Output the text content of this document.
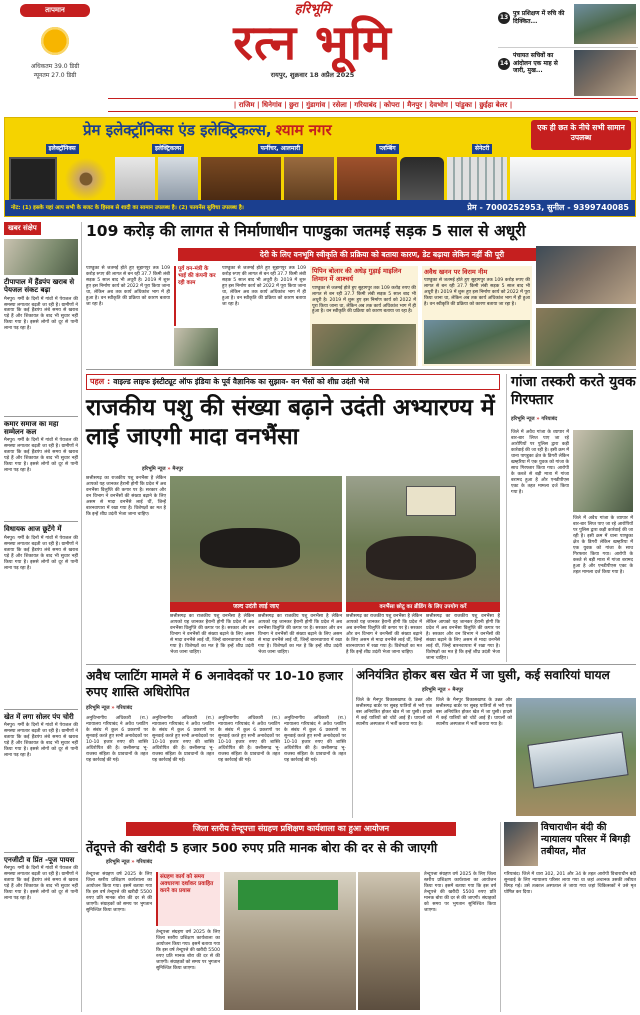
तापमान
अधिकतम 39.0 डिग्री
न्यूनतम 27.0 डिग्री
हरिभूमि
रत्न भूमि
रायपुर, शुक्रवार 18 अप्रैल 2025
13
पुत्र प्रशिक्षण में रुचि की दिक्कित...
14
पंचायत सचिवों का आंदोलन एक माह से जारी, मुख...
| राजिम | धिनेगांव | छुरा | गुंडागांव | रसेला | गरियाबंद | कोपरा | मैनपुर | देवभोग | पांडुका | छुईहा बेलर |
प्रेम इलेक्ट्रॉनिक्स एंड इलेक्ट्रिकल्स, श्याम नगर	एक ही छत के नीचे सभी सामान उपलब्ध
इलेक्ट्रॉनिक्स	इलेक्ट्रिकल्स	फर्नीचर, आलमारी	प्लम्बिंग	सेनेटरी
नोट: (1) इसके यहां आप सभी के बजट के हिसाब से शादी का सामान उपलब्ध है। (2) फायनेंस सुविधा उपलब्ध है।	प्रेम - 7000252953, सुनील - 9399740085
खबर संक्षेप
टीपापाल में हैंडपंप खराब से पेयजल संकट बढ़ा
मैनपुर। गर्मी के दिनों में गांवों में पेयजल की समस्या लगातार बढ़ती जा रही है। ग्रामीणों ने बताया कि कई हैंडपंप लंबे समय से खराब पड़े हैं और शिकायत के बाद भी सुधार नहीं किया गया है। इससे लोगों को दूर से पानी लाना पड़ रहा है।
कमार समाज का महा सम्मेलन कल
मैनपुर। गर्मी के दिनों में गांवों में पेयजल की समस्या लगातार बढ़ती जा रही है। ग्रामीणों ने बताया कि कई हैंडपंप लंबे समय से खराब पड़े हैं और शिकायत के बाद भी सुधार नहीं किया गया है। इससे लोगों को दूर से पानी लाना पड़ रहा है।
विधायक आज छूटेंगे में
मैनपुर। गर्मी के दिनों में गांवों में पेयजल की समस्या लगातार बढ़ती जा रही है। ग्रामीणों ने बताया कि कई हैंडपंप लंबे समय से खराब पड़े हैं और शिकायत के बाद भी सुधार नहीं किया गया है। इससे लोगों को दूर से पानी लाना पड़ रहा है।
खेत में लगा सोलर पंप चोरी
मैनपुर। गर्मी के दिनों में गांवों में पेयजल की समस्या लगातार बढ़ती जा रही है। ग्रामीणों ने बताया कि कई हैंडपंप लंबे समय से खराब पड़े हैं और शिकायत के बाद भी सुधार नहीं किया गया है। इससे लोगों को दूर से पानी लाना पड़ रहा है।
एनजीटी व प्रिंत -पूज पायस
मैनपुर। गर्मी के दिनों में गांवों में पेयजल की समस्या लगातार बढ़ती जा रही है। ग्रामीणों ने बताया कि कई हैंडपंप लंबे समय से खराब पड़े हैं और शिकायत के बाद भी सुधार नहीं किया गया है। इससे लोगों को दूर से पानी लाना पड़ रहा है।
109 करोड़ की लागत से निर्माणाधीन पाण्डुका जतमई सड़क 5 साल से अधूरी
देरी के लिए वनभूमि स्वीकृति की प्रक्रिया को बताया कारण, डेट बढ़ाया लेकिन नहीं की पूरी
पाण्डुका से जतमई होते हुए सुहागपुर तक 109 करोड़ रुपए की लागत से बन रही 37.7 किमी लंबी सड़क 5 साल बाद भी अधूरी है। 2019 में शुरू हुए इस निर्माण कार्य को 2022 में पूरा किया जाना था, लेकिन अब तक कार्य अधिकांश भाग में ही हुआ है। वन स्वीकृति की प्रक्रिया को कारण बताया जा रहा है।
पूर्व वन-मंत्री के भाई की कंपनी कर रही काम
पाण्डुका से जतमई होते हुए सुहागपुर तक 109 करोड़ रुपए की लागत से बन रही 37.7 किमी लंबी सड़क 5 साल बाद भी अधूरी है। 2019 में शुरू हुए इस निर्माण कार्य को 2022 में पूरा किया जाना था, लेकिन अब तक कार्य अधिकांश भाग में ही हुआ है। वन स्वीकृति की प्रक्रिया को कारण बताया जा रहा है।
पिपिन बोलार की अधेड़ गुड़ाई माइलिन लिमान में आश्चर्य
पाण्डुका से जतमई होते हुए सुहागपुर तक 109 करोड़ रुपए की लागत से बन रही 37.7 किमी लंबी सड़क 5 साल बाद भी अधूरी है। 2019 में शुरू हुए इस निर्माण कार्य को 2022 में पूरा किया जाना था, लेकिन अब तक कार्य अधिकांश भाग में ही हुआ है। वन स्वीकृति की प्रक्रिया को कारण बताया जा रहा है।
अवैध खनन पर विराम नीम
पाण्डुका से जतमई होते हुए सुहागपुर तक 109 करोड़ रुपए की लागत से बन रही 37.7 किमी लंबी सड़क 5 साल बाद भी अधूरी है। 2019 में शुरू हुए इस निर्माण कार्य को 2022 में पूरा किया जाना था, लेकिन अब तक कार्य अधिकांश भाग में ही हुआ है। वन स्वीकृति की प्रक्रिया को कारण बताया जा रहा है।
पहल : वाइल्ड लाइफ इंस्टीट्यूट ऑफ इंडिया के पूर्व वैज्ञानिक का सुझाव- वन भैंसों को शीघ्र उदंती भेजे
राजकीय पशु की संख्या बढ़ाने उदंती अभ्यारण्य में लाई जाएगी मादा वनभैंसा
हरिभूमि न्यूज » मैनपुर
छत्तीसगढ़ का राजकीय पशु वनभैंसा है लेकिन आपको यह जानकर हैरानी होगी कि प्रदेश में अब वनभैंसा विलुप्ति की कगार पर है। सरकार और वन विभाग ने वनभैंसों की संख्या बढ़ाने के लिए असम से मादा वनभैंसे लाई थीं, जिन्हें बारनवापारा में रखा गया है। विशेषज्ञों का मत है कि इन्हें शीघ्र उदंती भेजा जाना चाहिए।
जल्द उदंती लाई जाए
छत्तीसगढ़ का राजकीय पशु वनभैंसा है लेकिन आपको यह जानकर हैरानी होगी कि प्रदेश में अब वनभैंसा विलुप्ति की कगार पर है। सरकार और वन विभाग ने वनभैंसों की संख्या बढ़ाने के लिए असम से मादा वनभैंसे लाई थीं, जिन्हें बारनवापारा में रखा गया है। विशेषज्ञों का मत है कि इन्हें शीघ्र उदंती भेजा जाना चाहिए।
छत्तीसगढ़ का राजकीय पशु वनभैंसा है लेकिन आपको यह जानकर हैरानी होगी कि प्रदेश में अब वनभैंसा विलुप्ति की कगार पर है। सरकार और वन विभाग ने वनभैंसों की संख्या बढ़ाने के लिए असम से मादा वनभैंसे लाई थीं, जिन्हें बारनवापारा में रखा गया है। विशेषज्ञों का मत है कि इन्हें शीघ्र उदंती भेजा जाना चाहिए।
वनभैंसा छोटू का ब्रीडिंग के लिए उपयोग करें
छत्तीसगढ़ का राजकीय पशु वनभैंसा है लेकिन आपको यह जानकर हैरानी होगी कि प्रदेश में अब वनभैंसा विलुप्ति की कगार पर है। सरकार और वन विभाग ने वनभैंसों की संख्या बढ़ाने के लिए असम से मादा वनभैंसे लाई थीं, जिन्हें बारनवापारा में रखा गया है। विशेषज्ञों का मत है कि इन्हें शीघ्र उदंती भेजा जाना चाहिए।
छत्तीसगढ़ का राजकीय पशु वनभैंसा है लेकिन आपको यह जानकर हैरानी होगी कि प्रदेश में अब वनभैंसा विलुप्ति की कगार पर है। सरकार और वन विभाग ने वनभैंसों की संख्या बढ़ाने के लिए असम से मादा वनभैंसे लाई थीं, जिन्हें बारनवापारा में रखा गया है। विशेषज्ञों का मत है कि इन्हें शीघ्र उदंती भेजा जाना चाहिए।
गांजा तस्करी करते युवक गिरफ्तार
हरिभूमि न्यूज » गरियाबंद
जिले में अवैध गांजा के व्यापार में बार-बार लिप्त पाए जा रहे आरोपियों पर पुलिस द्वारा कड़ी कार्रवाई की जा रही है। इसी क्रम में थाना पाण्डुका क्षेत्र के डिगरी लेकिन खम्हरिया में एक युवक को गांजा के साथ गिरफ्तार किया गया। आरोपी के कब्जे से बड़ी मात्रा में गांजा बरामद हुआ है और एनडीपीएस एक्ट के तहत मामला दर्ज किया गया है।
जिले में अवैध गांजा के व्यापार में बार-बार लिप्त पाए जा रहे आरोपियों पर पुलिस द्वारा कड़ी कार्रवाई की जा रही है। इसी क्रम में थाना पाण्डुका क्षेत्र के डिगरी लेकिन खम्हरिया में एक युवक को गांजा के साथ गिरफ्तार किया गया। आरोपी के कब्जे से बड़ी मात्रा में गांजा बरामद हुआ है और एनडीपीएस एक्ट के तहत मामला दर्ज किया गया है।
अवैध प्लाटिंग मामले में 6 अनावेदकों पर 10-10 हजार रुपए शास्ति अधिरोपित
हरिभूमि न्यूज » गरियाबंद
अनुविभागीय अधिकारी (रा.) न्यायालय गरियाबंद ने अवैध प्लाटिंग के संबंध में कुल 6 प्रकरणों पर सुनवाई करते हुए सभी अनावेदकों पर 10-10 हजार रुपए की शास्ति अधिरोपित की है। छत्तीसगढ़ भू-राजस्व संहिता के प्रावधानों के तहत यह कार्रवाई की गई।
अनुविभागीय अधिकारी (रा.) न्यायालय गरियाबंद ने अवैध प्लाटिंग के संबंध में कुल 6 प्रकरणों पर सुनवाई करते हुए सभी अनावेदकों पर 10-10 हजार रुपए की शास्ति अधिरोपित की है। छत्तीसगढ़ भू-राजस्व संहिता के प्रावधानों के तहत यह कार्रवाई की गई।
अनुविभागीय अधिकारी (रा.) न्यायालय गरियाबंद ने अवैध प्लाटिंग के संबंध में कुल 6 प्रकरणों पर सुनवाई करते हुए सभी अनावेदकों पर 10-10 हजार रुपए की शास्ति अधिरोपित की है। छत्तीसगढ़ भू-राजस्व संहिता के प्रावधानों के तहत यह कार्रवाई की गई।
अनुविभागीय अधिकारी (रा.) न्यायालय गरियाबंद ने अवैध प्लाटिंग के संबंध में कुल 6 प्रकरणों पर सुनवाई करते हुए सभी अनावेदकों पर 10-10 हजार रुपए की शास्ति अधिरोपित की है। छत्तीसगढ़ भू-राजस्व संहिता के प्रावधानों के तहत यह कार्रवाई की गई।
अनियंत्रित होकर बस खेत में जा घुसी, कई सवारियां घायल
हरिभूमि न्यूज » मैनपुर
जिले के मैनपुर विकासखण्ड के उन्नत और छत्तीसगढ़ बार्डर पर सुबह यात्रियों से भरी एक बस अनियंत्रित होकर खेत में जा घुसी। हादसे में कई यात्रियों को चोटें आई हैं। घायलों को स्थानीय अस्पताल में भर्ती कराया गया है।
जिले के मैनपुर विकासखण्ड के उन्नत और छत्तीसगढ़ बार्डर पर सुबह यात्रियों से भरी एक बस अनियंत्रित होकर खेत में जा घुसी। हादसे में कई यात्रियों को चोटें आई हैं। घायलों को स्थानीय अस्पताल में भर्ती कराया गया है।
जिला स्तरीय तेन्दूपत्ता संग्रहण प्रशिक्षण कार्यशाला का हुआ आयोजन
तेंदूपत्ते की खरीदी 5 हजार 500 रुपए प्रति मानक बोरा की दर से की जाएगी
हरिभूमि न्यूज » गरियाबंद
तेन्दूपत्ता संग्रहण वर्ष 2025 के लिए जिला स्तरीय प्रशिक्षण कार्यशाला का आयोजन किया गया। इसमें बताया गया कि इस वर्ष तेन्दूपत्ते की खरीदी 5500 रुपए प्रति मानक बोरा की दर से की जाएगी। संग्राहकों को समय पर भुगतान सुनिश्चित किया जाएगा।
संग्रहण कार्य को समय अवधारणा दर्शाकर प्रवाहित करने का प्रयास
तेन्दूपत्ता संग्रहण वर्ष 2025 के लिए जिला स्तरीय प्रशिक्षण कार्यशाला का आयोजन किया गया। इसमें बताया गया कि इस वर्ष तेन्दूपत्ते की खरीदी 5500 रुपए प्रति मानक बोरा की दर से की जाएगी। संग्राहकों को समय पर भुगतान सुनिश्चित किया जाएगा।
तेन्दूपत्ता संग्रहण वर्ष 2025 के लिए जिला स्तरीय प्रशिक्षण कार्यशाला का आयोजन किया गया। इसमें बताया गया कि इस वर्ष तेन्दूपत्ते की खरीदी 5500 रुपए प्रति मानक बोरा की दर से की जाएगी। संग्राहकों को समय पर भुगतान सुनिश्चित किया जाएगा।
विचाराधीन बंदी की न्यायालय परिसर में बिगड़ी तबीयत, मौत
गरियाबंद। जिले में धारा 302, 201 और 34 के तहत आरोपी विचाराधीन बंदी सुनवाई के लिए न्यायालय परिसर लाया गया था जहां अचानक उसकी तबीयत बिगड़ गई। उसे तत्काल अस्पताल ले जाया गया जहां चिकित्सकों ने उसे मृत घोषित कर दिया।
